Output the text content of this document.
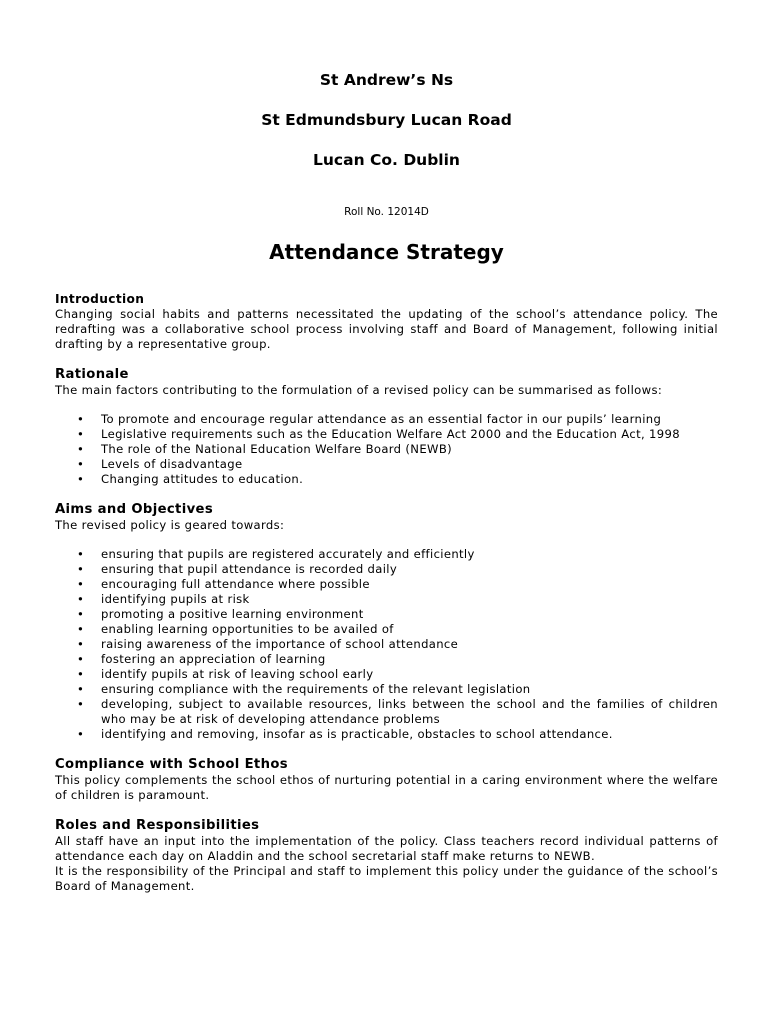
St Andrew’s Ns

St Edmundsbury Lucan Road

Lucan Co. Dublin

Roll No. 12014D

Attendance Strategy

Introduction

Changing social habits and patterns necessitated the updating of the school’s attendance policy. The redrafting was a collaborative school process involving staff and Board of Management, following initial drafting by a representative group.

Rationale

The main factors contributing to the formulation of a revised policy can be summarised as follows:

• To promote and encourage regular attendance as an essential factor in our pupils’ learning
• Legislative requirements such as the Education Welfare Act 2000 and the Education Act, 1998
• The role of the National Education Welfare Board (NEWB)
• Levels of disadvantage
• Changing attitudes to education.
Aims and Objectives

The revised policy is geared towards:

• ensuring that pupils are registered accurately and efficiently
• ensuring that pupil attendance is recorded daily
• encouraging full attendance where possible
• identifying pupils at risk
• promoting a positive learning environment
• enabling learning opportunities to be availed of
• raising awareness of the importance of school attendance
• fostering an appreciation of learning
• identify pupils at risk of leaving school early
• ensuring compliance with the requirements of the relevant legislation
• developing, subject to available resources, links between the school and the families of children who may be at risk of developing attendance problems
• identifying and removing, insofar as is practicable, obstacles to school attendance.
Compliance with School Ethos

This policy complements the school ethos of nurturing potential in a caring environment where the welfare of children is paramount.

Roles and Responsibilities

All staff have an input into the implementation of the policy. Class teachers record individual patterns of attendance each day on Aladdin and the school secretarial staff make returns to NEWB.

It is the responsibility of the Principal and staff to implement this policy under the guidance of the school’s Board of Management.
